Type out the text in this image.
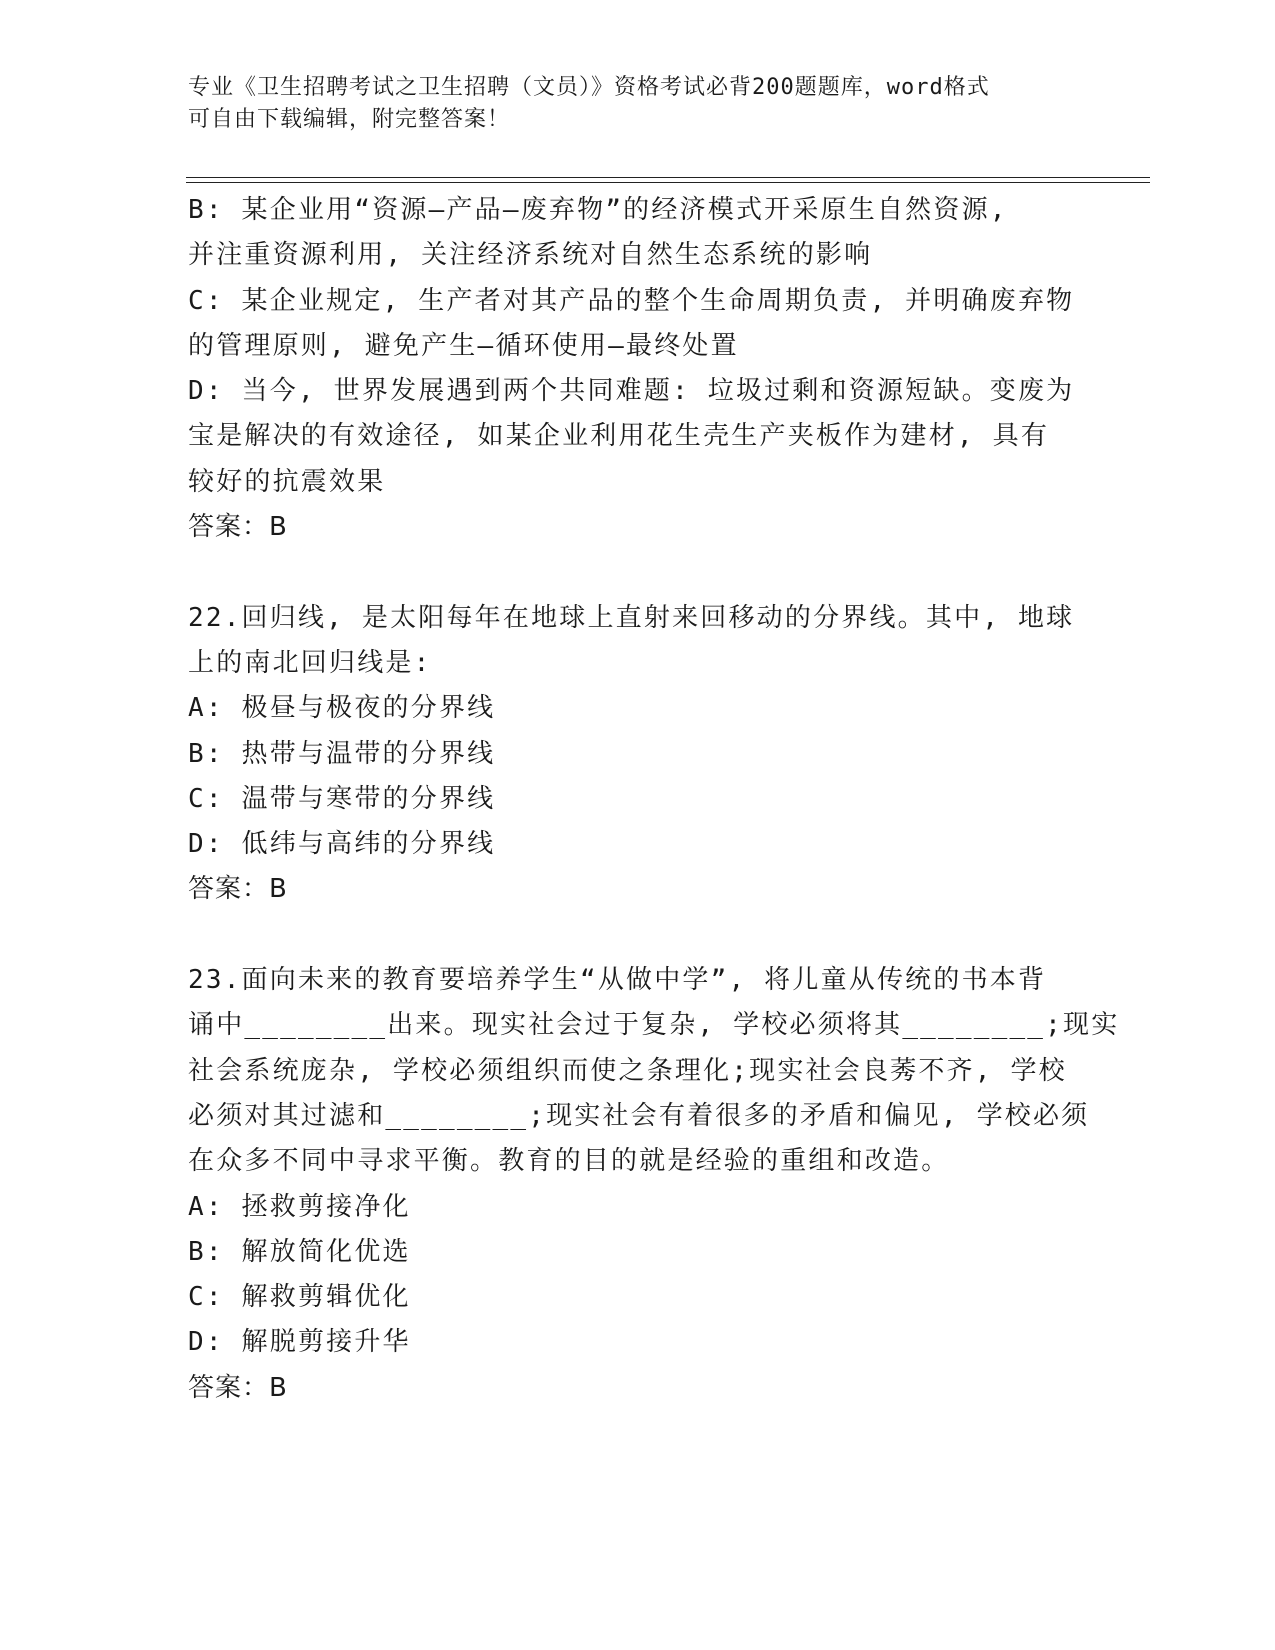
专业《卫生招聘考试之卫生招聘（文员）》资格考试必背200题题库，word格式
可自由下载编辑，附完整答案！
B: 某企业用“资源—产品—废弃物”的经济模式开采原生自然资源,
并注重资源利用, 关注经济系统对自然生态系统的影响
C: 某企业规定, 生产者对其产品的整个生命周期负责, 并明确废弃物
的管理原则, 避免产生—循环使用—最终处置
D: 当今, 世界发展遇到两个共同难题: 垃圾过剩和资源短缺。变废为
宝是解决的有效途径, 如某企业利用花生壳生产夹板作为建材, 具有
较好的抗震效果
答案：B
22.回归线, 是太阳每年在地球上直射来回移动的分界线。其中, 地球
上的南北回归线是:
A: 极昼与极夜的分界线
B: 热带与温带的分界线
C: 温带与寒带的分界线
D: 低纬与高纬的分界线
答案：B
23.面向未来的教育要培养学生“从做中学”, 将儿童从传统的书本背
诵中________出来。现实社会过于复杂, 学校必须将其________;现实
社会系统庞杂, 学校必须组织而使之条理化;现实社会良莠不齐, 学校
必须对其过滤和________;现实社会有着很多的矛盾和偏见, 学校必须
在众多不同中寻求平衡。教育的目的就是经验的重组和改造。
A: 拯救剪接净化
B: 解放简化优选
C: 解救剪辑优化
D: 解脱剪接升华
答案：B
